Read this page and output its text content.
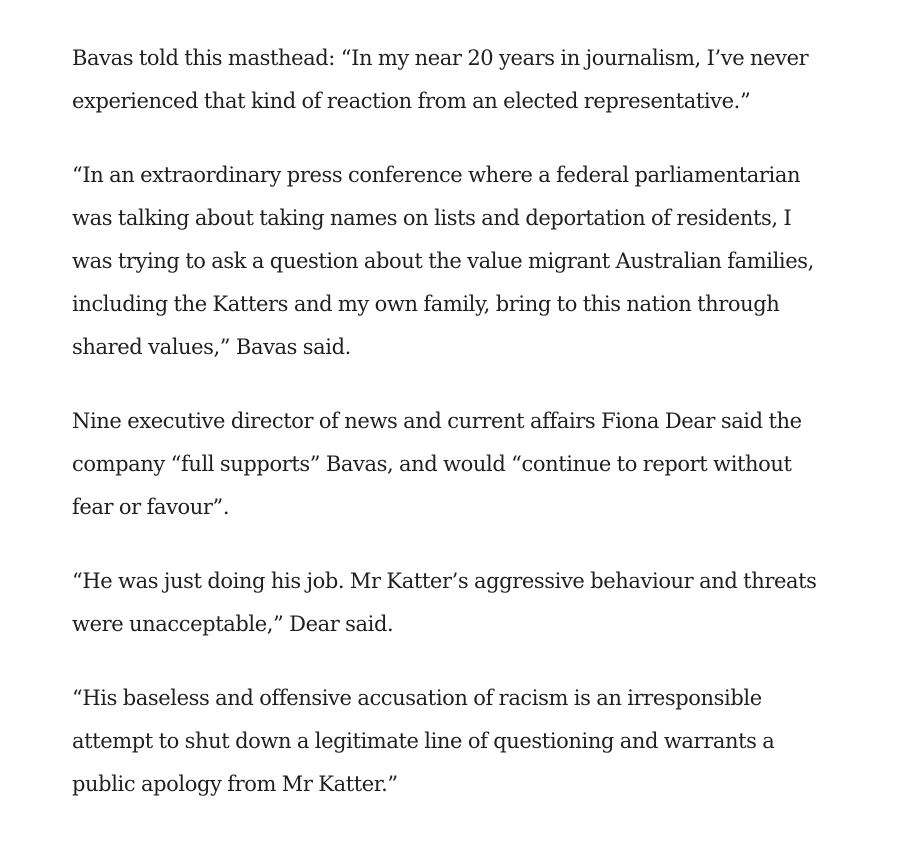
Bavas told this masthead: “In my near 20 years in journalism, I’ve never
experienced that kind of reaction from an elected representative.”

“In an extraordinary press conference where a federal parliamentarian
was talking about taking names on lists and deportation of residents, I
was trying to ask a question about the value migrant Australian families,
including the Katters and my own family, bring to this nation through
shared values,” Bavas said.

Nine executive director of news and current affairs Fiona Dear said the
company “full supports” Bavas, and would “continue to report without
fear or favour”.

“He was just doing his job. Mr Katter’s aggressive behaviour and threats
were unacceptable,” Dear said.

“His baseless and offensive accusation of racism is an irresponsible
attempt to shut down a legitimate line of questioning and warrants a
public apology from Mr Katter.”
